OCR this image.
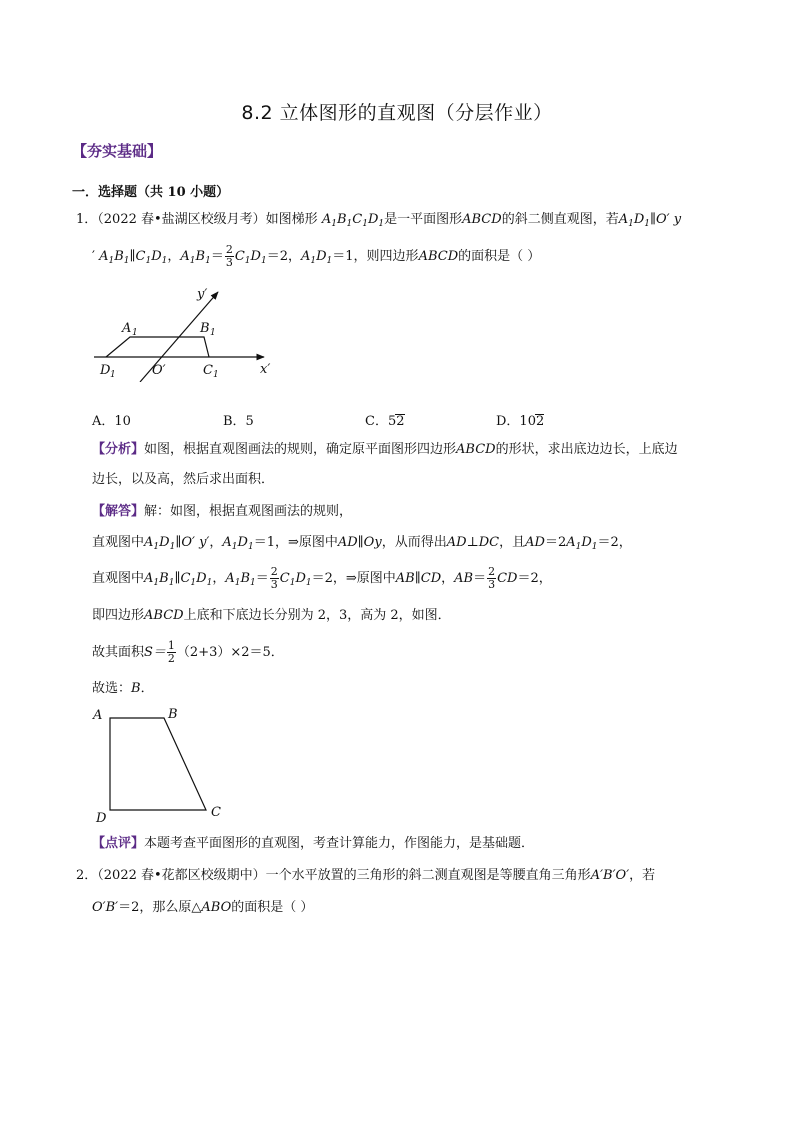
8.2 立体图形的直观图（分层作业）
【夯实基础】
一．选择题（共 10 小题）
1．（2022 春•盐湖区校级月考）如图梯形 $A_1B_1C_1D_1$是一平面图形ABCD的斜二侧直观图，若$A_1D_1\parallel O'$ y
′ $A_1B_1\parallel C_1D_1$，$A_1B_1= \frac{2}{3} C_1D_1=2$，$A_1D_1=1$，则四边形ABCD的面积是（ ）
y′
x′
A 1	B 1
D 1	O′	C 1
A．10	B．5	C．52	D．102
【分析】如图，根据直观图画法的规则，确定原平面图形四边形ABCD的形状，求出底边边长，上底边
边长，以及高，然后求出面积．
【解答】解：如图，根据直观图画法的规则，
直观图中$A_1D_1\parallel O'$ y′，$A_1D_1=1$，⇒原图中AD∥Oy，从而得出AD⊥DC，且$AD=2A_1D_1=2$，
直观图中$A_1B_1\parallel C_1D_1$，$A_1B_1= \frac{2}{3} C_1D_1=2$，⇒原图中AB∥CD，$AB= \frac{2}{3} CD=2$，
即四边形ABCD上底和下底边长分别为 2，3，高为 2，如图．
故其面积$S= \frac{1}{2} (2+3)\times 2=5$．
故选：B．
A	B
C
D
【点评】本题考查平面图形的直观图，考查计算能力，作图能力，是基础题．
2．（2022 春•花都区校级期中）一个水平放置的三角形的斜二测直观图是等腰直角三角形A′B′O′，若
O′B′＝2，那么原△ABO的面积是（ ）
